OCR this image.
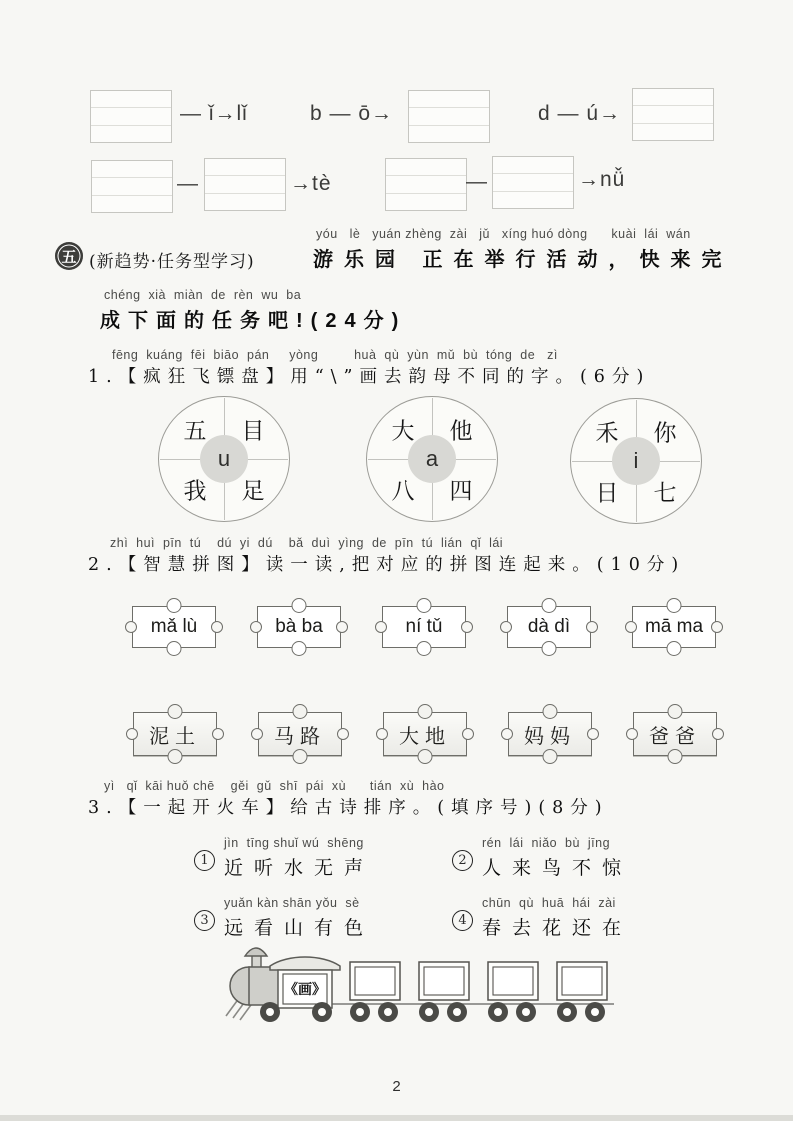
— ǐ→lǐ	b — ō→	d — ú→
—	→tè	—	→nǚ
五 (新趋势·任务型学习)
yóu   lè   yuán zhèng  zài   jǔ   xíng huó dòng      kuài  lái  wán
游乐园 正在举行活动，快来完
chéng  xià  miàn  de  rèn  wu  ba
成下面的任务吧!(24分)
fēng  kuáng  fēi  biāo  pán     yòng         huà  qù  yùn  mǔ  bù  tóng  de   zì
1.【疯狂飞镖盘】用“\”画去韵母不同的字。(6分)
五 目
我 足
u
大 他
八 四
a
禾 你
日 七
i
zhì  huì  pīn  tú    dú  yi  dú    bǎ  duì  yìng  de  pīn  tú  lián  qǐ  lái
2.【智慧拼图】读一读,把对应的拼图连起来。(10分)
mǎ lù	bà ba	ní tǔ	dà dì	mā ma
泥土	马路	大地	妈妈	爸爸
yì   qǐ  kāi huǒ chē    gěi  gǔ  shī  pái  xù      tián  xù  hào
3.【一起开火车】给古诗排序。(填序号)(8分)
1
jìn  tīng shuǐ wú  shēng
近听水无声	2
rén  lái  niǎo  bù  jīng
人来鸟不惊
3
yuǎn kàn shān yǒu  sè
远看山有色	4
chūn  qù  huā  hái  zài
春去花还在
《画》
2
